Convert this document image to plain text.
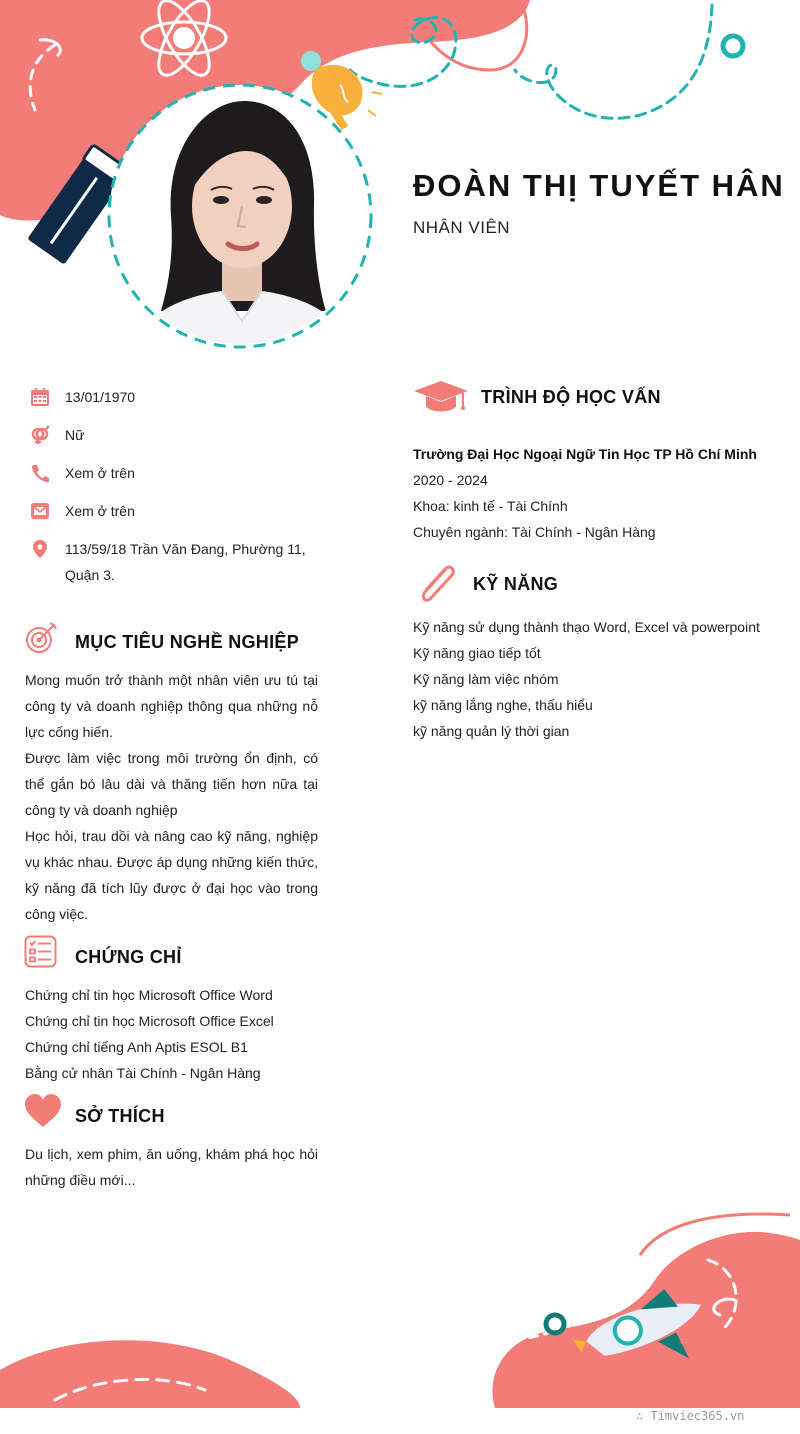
ĐOÀN THỊ TUYẾT HÂN
NHÂN VIÊN
13/01/1970
Nữ
Xem ở trên
Xem ở trên
113/59/18 Trần Văn Đang, Phường 11, Quận 3.
MỤC TIÊU NGHỀ NGHIỆP
Mong muốn trở thành một nhân viên ưu tú tại công ty và doanh nghiệp thông qua những nỗ lực cống hiến.
Được làm việc trong môi trường ổn định, có thể gắn bó lâu dài và thăng tiến hơn nữa tại công ty và doanh nghiệp
Học hỏi, trau dồi và nâng cao kỹ năng, nghiệp vụ khác nhau. Được áp dụng những kiến thức, kỹ năng đã tích lũy được ở đại học vào trong công việc.
CHỨNG CHỈ
Chứng chỉ tin học Microsoft Office Word
Chứng chỉ tin học Microsoft Office Excel
Chứng chỉ tiếng Anh Aptis ESOL B1
Bằng cử nhân Tài Chính - Ngân Hàng
SỞ THÍCH
Du lịch, xem phim, ăn uống, khám phá học hỏi những điều mới...
TRÌNH ĐỘ HỌC VẤN
Trường Đại Học Ngoại Ngữ Tin Học TP Hồ Chí Minh
2020 - 2024
Khoa: kinh tế - Tài Chính
Chuyên ngành: Tài Chính - Ngân Hàng
KỸ NĂNG
Kỹ năng sử dụng thành thạo Word, Excel và powerpoint
Kỹ năng giao tiếp tốt
Kỹ năng làm việc nhóm
kỹ năng lắng nghe, thấu hiểu
kỹ năng quản lý thời gian
∴ Timviec365.vn
